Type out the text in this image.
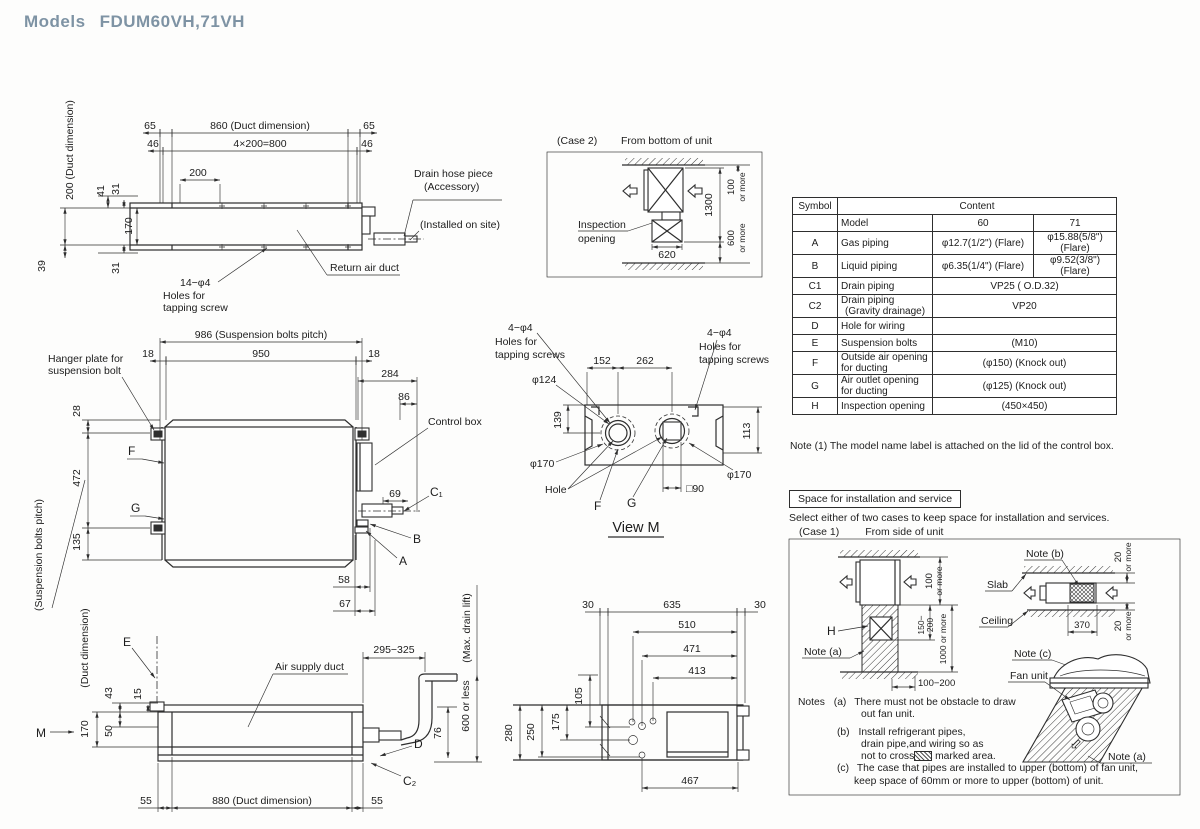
Models FDUM60VH,71VH
65	860 (Duct dimension)	65
46	4×200=800	46
200
200 (Duct dimension) 41 31
170
31
39
Drain hose piece
(Accessory)
(Installed on site)
Return air duct
14−φ4
Holes for
tapping screw
(Case 2) From bottom of unit
620
1300
100 or more
600 or more
Inspection
opening
986 (Suspension bolts pitch)
18	950	18
284
86
28
472
135
(Suspension bolts pitch)
Hanger plate for
suspension bolt
F
G
Control box
69 C₁
B
A
58
67
152 262
139
113
□90
4−φ4
Holes for
tapping screws
4−φ4
Holes for
tapping screws
φ124
φ170
φ170
Hole
F G
View M
E
M
(Duct dimension)
170
43 15
50
Air supply duct
295−325
76
600 or less
(Max. drain lift)
D
C₂
55	880 (Duct dimension)	55
30	635	30
510
471
413
105
175
250
280
467
H
Note (a)
100 or more
150− 200 1000 or more
100−200
Note (b)
Slab
Ceiling
20 or more
20 or more
370
Note (c)
⇩
Fan unit
Note (a)
Symbol	Content		
	Model	60	71
A	Gas piping	φ12.7(1/2") (Flare)	φ15.88(5/8") (Flare)
B	Liquid piping	φ6.35(1/4") (Flare)	φ9.52(3/8") (Flare)
C1	Drain piping	VP25 ( O.D.32)	
C2	Drain piping
(Gravity drainage)	VP20	
D	Hole for wiring		
E	Suspension bolts	(M10)	
F	Outside air opening
for ducting	(φ150) (Knock out)	
G	Air outlet opening
for ducting	(φ125) (Knock out)	
H	Inspection opening	(450×450)	
Note (1) The model name label is attached on the lid of the control box.
Space for installation and service
Select either of two cases to keep space for installation and services.
(Case 1) From side of unit
Notes (a) There must not be obstacle to draw
out fan unit.
(b) Install refrigerant pipes,
drain pipe,and wiring so as
not to cross marked area.
(c) The case that pipes are installed to upper (bottom) of fan unit,
keep space of 60mm or more to upper (bottom) of unit.
